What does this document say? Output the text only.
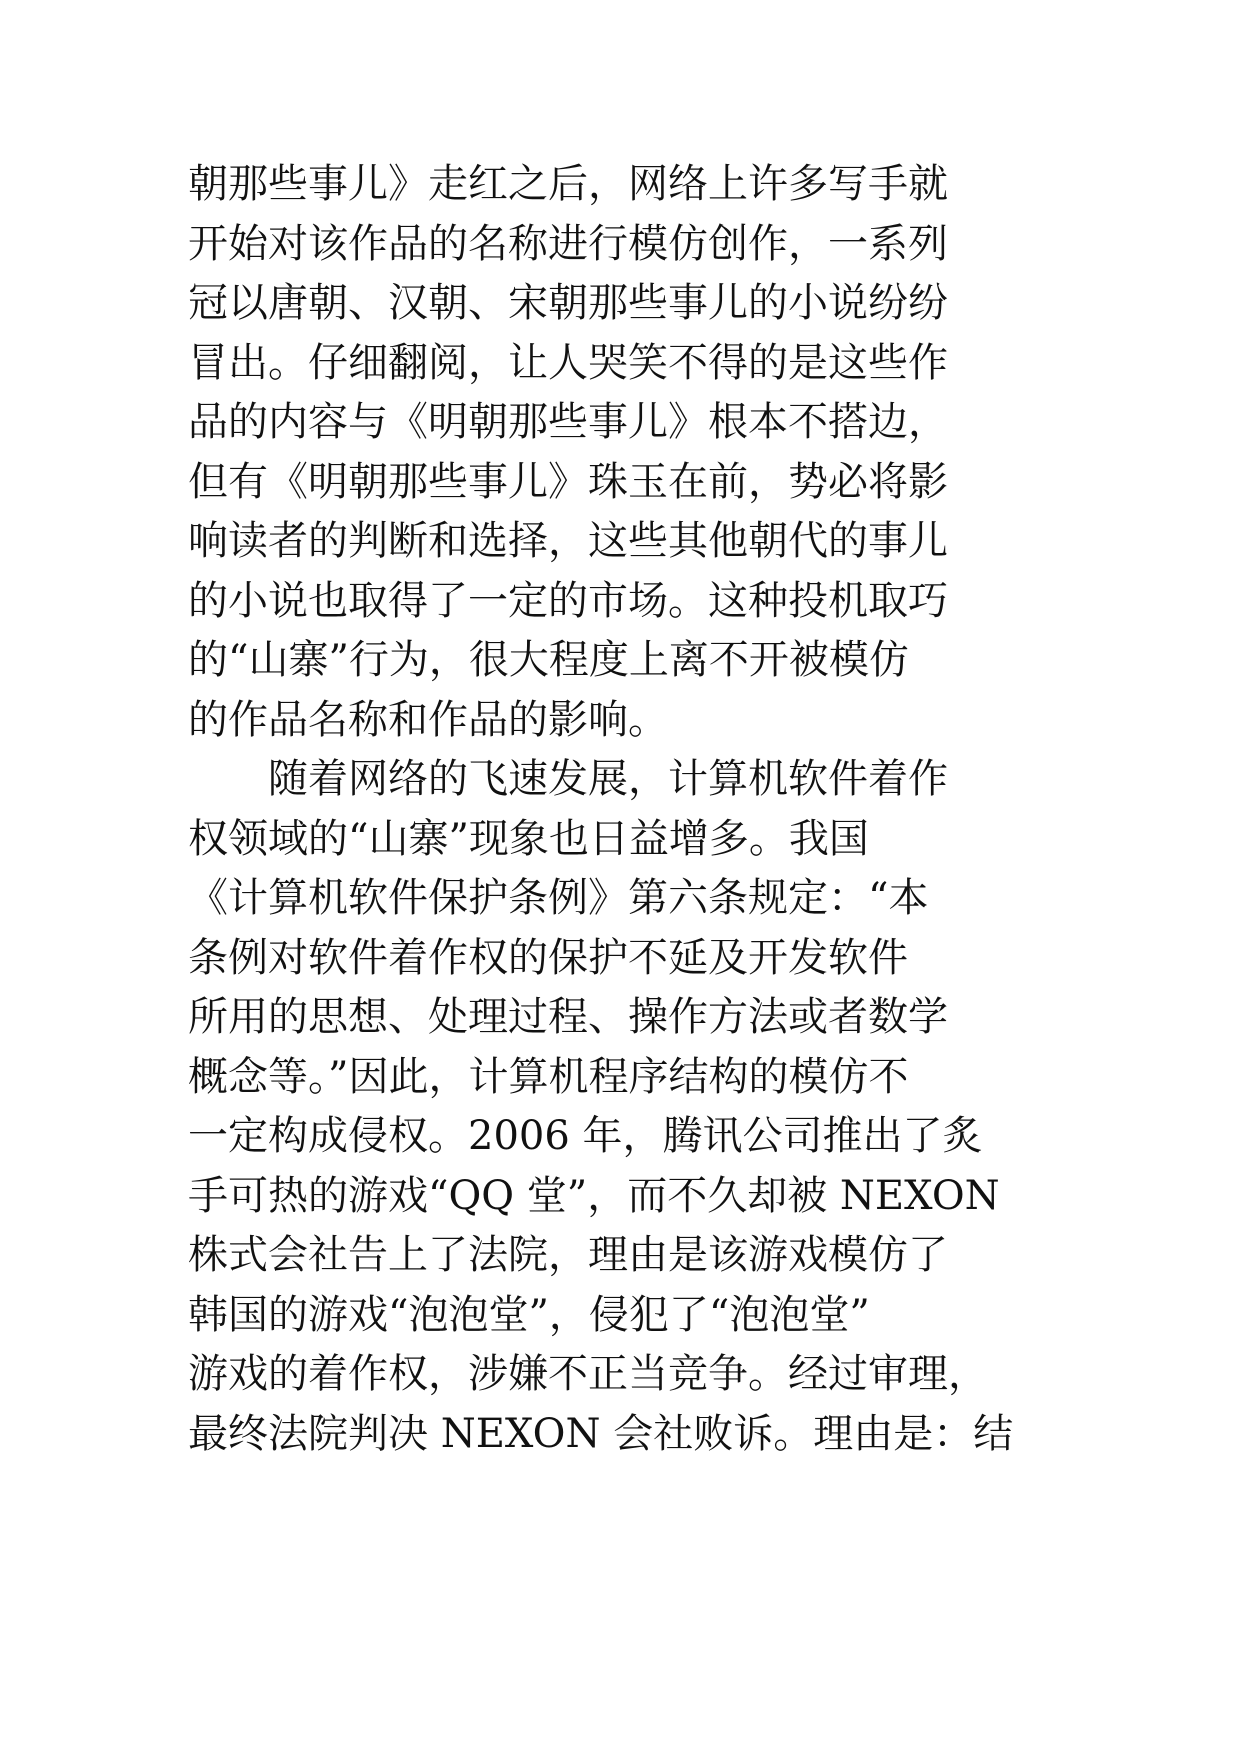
朝那些事儿》走红之后，网络上许多写手就
开始对该作品的名称进行模仿创作，一系列
冠以唐朝、汉朝、宋朝那些事儿的小说纷纷
冒出。仔细翻阅，让人哭笑不得的是这些作
品的内容与《明朝那些事儿》根本不搭边，
但有《明朝那些事儿》珠玉在前，势必将影
响读者的判断和选择，这些其他朝代的事儿
的小说也取得了一定的市场。这种投机取巧
的“山寨”行为，很大程度上离不开被模仿
的作品名称和作品的影响。
　　随着网络的飞速发展，计算机软件着作
权领域的“山寨”现象也日益增多。我国
《计算机软件保护条例》第六条规定：“本
条例对软件着作权的保护不延及开发软件
所用的思想、处理过程、操作方法或者数学
概念等。”因此，计算机程序结构的模仿不
一定构成侵权。2006 年，腾讯公司推出了炙
手可热的游戏“QQ 堂”，而不久却被 NEXON
株式会社告上了法院，理由是该游戏模仿了
韩国的游戏“泡泡堂”，侵犯了“泡泡堂”
游戏的着作权，涉嫌不正当竞争。经过审理，
最终法院判决 NEXON 会社败诉。理由是：结
